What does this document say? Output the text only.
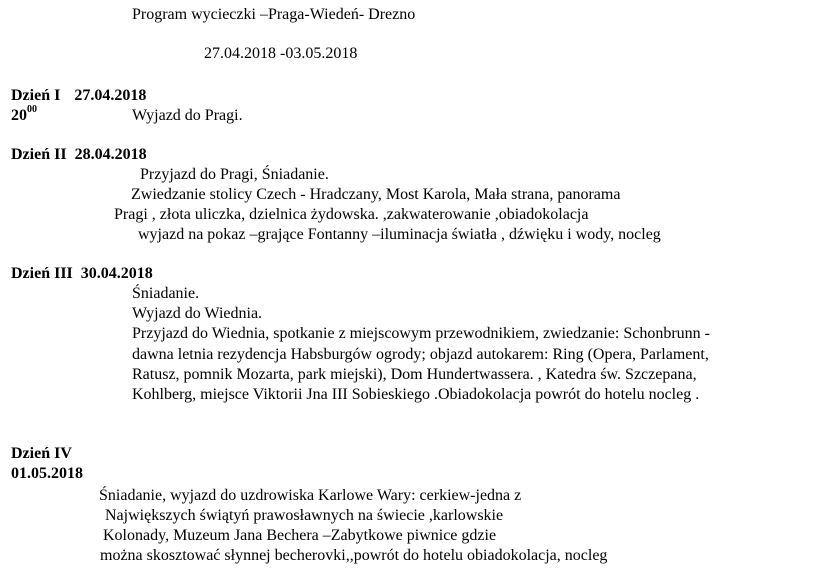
Program wycieczki –Praga-Wiedeń- Drezno
27.04.2018 -03.05.2018
Dzień I 27.04.2018
$20^{00}$	Wyjazd do Pragi.
Dzień II 28.04.2018
Przyjazd do Pragi, Śniadanie.
Zwiedzanie stolicy Czech - Hradczany, Most Karola, Mała strana, panorama
Pragi , złota uliczka, dzielnica żydowska. ,zakwaterowanie ,obiadokolacja
wyjazd na pokaz –grające Fontanny –iluminacja światła , dźwięku i wody, nocleg
Dzień III 30.04.2018
Śniadanie.
Wyjazd do Wiednia.
Przyjazd do Wiednia, spotkanie z miejscowym przewodnikiem, zwiedzanie: Schonbrunn -
dawna letnia rezydencja Habsburgów ogrody; objazd autokarem: Ring (Opera, Parlament,
Ratusz, pomnik Mozarta, park miejski), Dom Hundertwassera. , Katedra św. Szczepana,
Kohlberg, miejsce Viktorii Jna III Sobieskiego .Obiadokolacja powrót do hotelu nocleg .
Dzień IV
01.05.2018
Śniadanie, wyjazd do uzdrowiska Karlowe Wary: cerkiew-jedna z
Największych świątyń prawosławnych na świecie ,karlowskie
Kolonady, Muzeum Jana Bechera –Zabytkowe piwnice gdzie
można skosztować słynnej becherovki,,powrót do hotelu obiadokolacja, nocleg
